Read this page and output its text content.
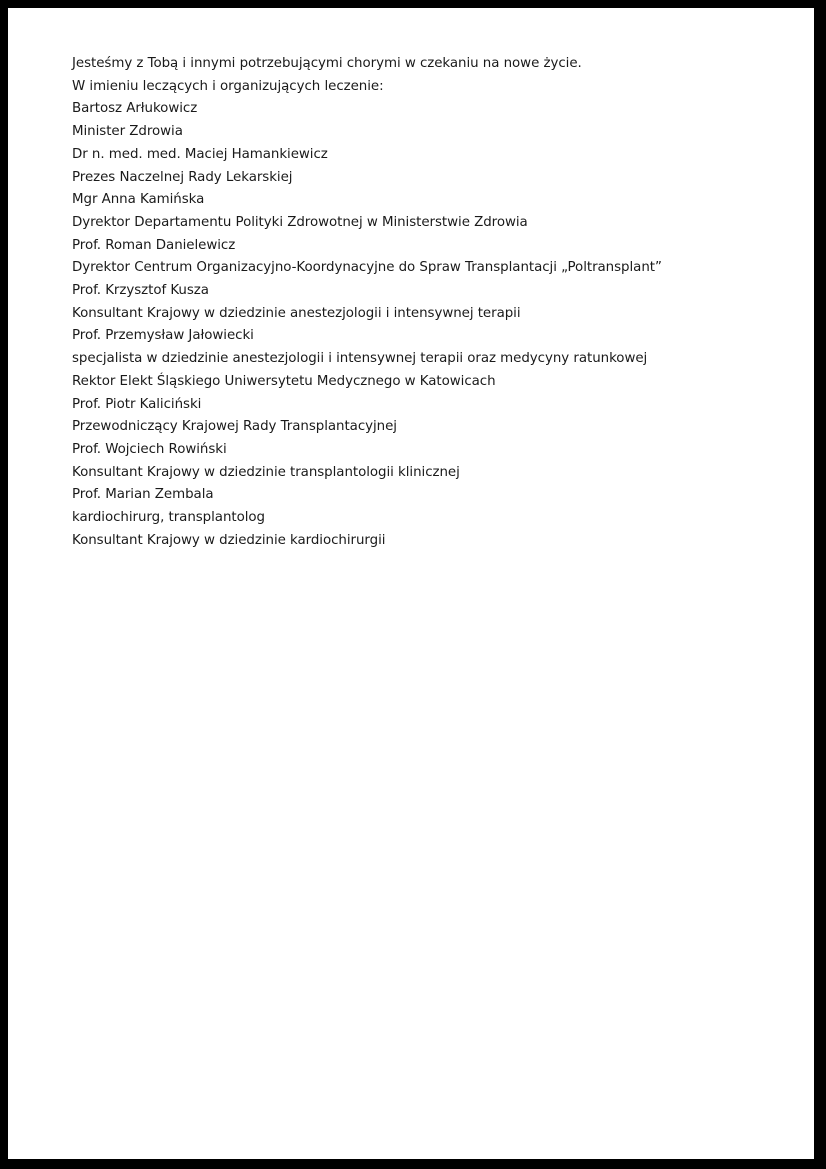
Jesteśmy z Tobą i innymi potrzebującymi chorymi w czekaniu na nowe życie.
W imieniu leczących i organizujących leczenie:
Bartosz Arłukowicz
Minister Zdrowia
Dr n. med. med. Maciej Hamankiewicz
Prezes Naczelnej Rady Lekarskiej
Mgr Anna Kamińska
Dyrektor Departamentu Polityki Zdrowotnej w Ministerstwie Zdrowia
Prof. Roman Danielewicz
Dyrektor Centrum Organizacyjno-Koordynacyjne do Spraw Transplantacji „Poltransplant”
Prof. Krzysztof Kusza
Konsultant Krajowy w dziedzinie anestezjologii i intensywnej terapii
Prof. Przemysław Jałowiecki
specjalista w dziedzinie anestezjologii i intensywnej terapii oraz medycyny ratunkowej
Rektor Elekt Śląskiego Uniwersytetu Medycznego w Katowicach
Prof. Piotr Kaliciński
Przewodniczący Krajowej Rady Transplantacyjnej
Prof. Wojciech Rowiński
Konsultant Krajowy w dziedzinie transplantologii klinicznej
Prof. Marian Zembala
kardiochirurg, transplantolog
Konsultant Krajowy w dziedzinie kardiochirurgii
